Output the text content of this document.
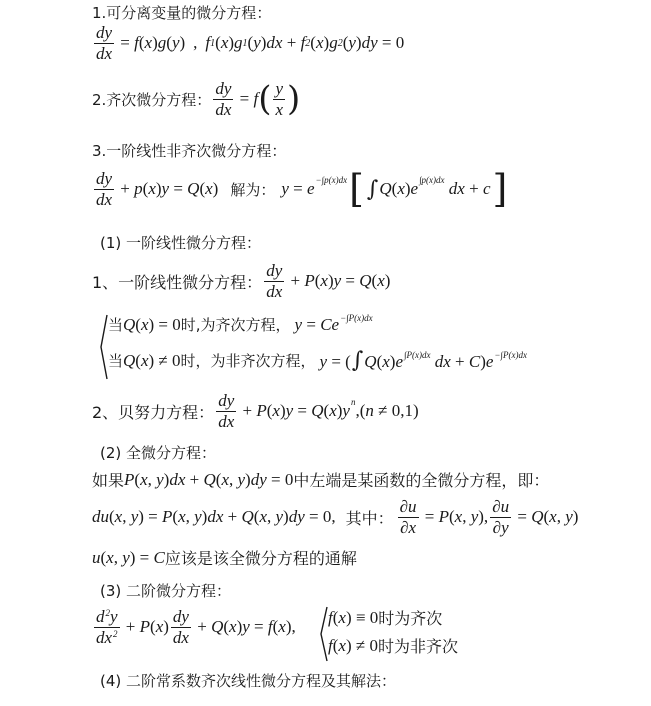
1.可分离变量的微分方程：
$\frac{dy}{dx} = f$ ( x ) g ( y ) , f 1 ( x ) g 1 ( y ) dx + f 2 ( x ) g 2 ( y ) dy = 0
2.齐次微分方程： $\frac{dy}{dx} = f$ ( $\frac{y}{x}$ )
3.一阶线性非齐次微分方程：
$\frac{dy}{dx} + p$ ( x ) y = Q ( x ) 解为： y = e −∫p(x)dx [ ∫ Q ( x ) e ∫p(x)dx dx + c ]
(1) 一阶线性微分方程：
1、一阶线性微分方程： $\frac{dy}{dx} + P$ ( x ) y = Q ( x )
当 Q(x) = 0 时,为齐次方程， $y = Ce^{-\int P(x)dx}$
当 Q(x) ≠ 0 时，为非齐次方程， $y = (\int Q(x)e^{\int P(x)dx}$ dx + $C)e^{-\int P(x)dx}$
2、贝努力方程： $\frac{dy}{dx} + P$ ( x ) y = Q ( x ) y n ,( n ≠ 0,1)
(2) 全微分方程：
如果 P(x, y)dx + Q(x, y)dy = 0 中左端是某函数的全微分方程，即：
du ( x , y ) = P ( x , y ) dx + Q ( x , y ) dy = 0, 其中： $\frac{\partial u}{\partial x} = P$ ( x , y ), $\frac{\partial u}{\partial y} = Q$ ( x , y )
u(x, y) = C 应该是该全微分方程的通解
(3) 二阶微分方程：
$\frac{d^2y}{dx^2} + P$ ( x ) $\frac{dy}{dx} + Q$ ( x ) y = f ( x ),
f(x) ≡ 0 时为齐次
f(x) ≠ 0 时为非齐次
(4) 二阶常系数齐次线性微分方程及其解法：
